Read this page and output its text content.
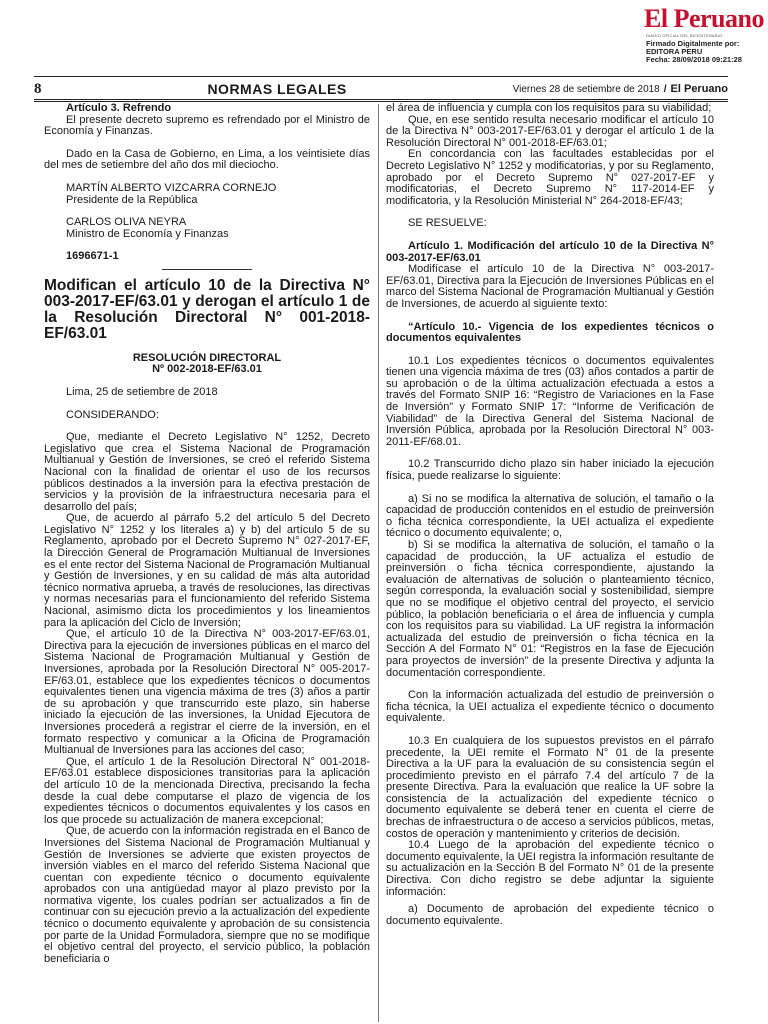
El Peruano
DIARIO OFICIAL DEL BICENTENARIO
Firmado Digitalmente por:
EDITORA PERU
Fecha: 28/09/2018 09:21:28
8	NORMAS LEGALES	Viernes 28 de setiembre de 2018 / El Peruano

Artículo 3. Refrendo

El presente decreto supremo es refrendado por el Ministro de Economía y Finanzas.

Dado en la Casa de Gobierno, en Lima, a los veintisiete días del mes de setiembre del año dos mil dieciocho.

MARTÍN ALBERTO VIZCARRA CORNEJO

Presidente de la República

CARLOS OLIVA NEYRA

Ministro de Economía y Finanzas

1696671-1

Modifican el artículo 10 de la Directiva N° 003-2017-EF/63.01 y derogan el artículo 1 de la Resolución Directoral N° 001-2018-EF/63.01

RESOLUCIÓN DIRECTORAL

Nº 002-2018-EF/63.01

Lima, 25 de setiembre de 2018

CONSIDERANDO:

Que, mediante el Decreto Legislativo N° 1252, Decreto Legislativo que crea el Sistema Nacional de Programación Multianual y Gestión de Inversiones, se creó el referido Sistema Nacional con la finalidad de orientar el uso de los recursos públicos destinados a la inversión para la efectiva prestación de servicios y la provisión de la infraestructura necesaria para el desarrollo del país;

Que, de acuerdo al párrafo 5.2 del artículo 5 del Decreto Legislativo N° 1252 y los literales a) y b) del artículo 5 de su Reglamento, aprobado por el Decreto Supremo N° 027-2017-EF, la Dirección General de Programación Multianual de Inversiones es el ente rector del Sistema Nacional de Programación Multianual y Gestión de Inversiones, y en su calidad de más alta autoridad técnico normativa aprueba, a través de resoluciones, las directivas y normas necesarias para el funcionamiento del referido Sistema Nacional, asimismo dicta los procedimientos y los lineamientos para la aplicación del Ciclo de Inversión;

Que, el artículo 10 de la Directiva N° 003-2017-EF/63.01, Directiva para la ejecución de inversiones públicas en el marco del Sistema Nacional de Programación Multianual y Gestión de Inversiones, aprobada por la Resolución Directoral N° 005-2017-EF/63.01, establece que los expedientes técnicos o documentos equivalentes tienen una vigencia máxima de tres (3) años a partir de su aprobación y que transcurrido este plazo, sin haberse iniciado la ejecución de las inversiones, la Unidad Ejecutora de Inversiones procederá a registrar el cierre de la inversión, en el formato respectivo y comunicar a la Oficina de Programación Multianual de Inversiones para las acciones del caso;

Que, el artículo 1 de la Resolución Directoral N° 001-2018-EF/63.01 establece disposiciones transitorias para la aplicación del artículo 10 de la mencionada Directiva, precisando la fecha desde la cual debe computarse el plazo de vigencia de los expedientes técnicos o documentos equivalentes y los casos en los que procede su actualización de manera excepcional;

Que, de acuerdo con la información registrada en el Banco de Inversiones del Sistema Nacional de Programación Multianual y Gestión de Inversiones se advierte que existen proyectos de inversión viables en el marco del referido Sistema Nacional que cuentan con expediente técnico o documento equivalente aprobados con una antigüedad mayor al plazo previsto por la normativa vigente, los cuales podrían ser actualizados a fin de continuar con su ejecución previo a la actualización del expediente técnico o documento equivalente y aprobación de su consistencia por parte de la Unidad Formuladora, siempre que no se modifique el objetivo central del proyecto, el servicio público, la población beneficiaria o

el área de influencia y cumpla con los requisitos para su viabilidad;

Que, en ese sentido resulta necesario modificar el artículo 10 de la Directiva N° 003-2017-EF/63.01 y derogar el artículo 1 de la Resolución Directoral N° 001-2018-EF/63.01;

En concordancia con las facultades establecidas por el Decreto Legislativo N° 1252 y modificatorias, y por su Reglamento, aprobado por el Decreto Supremo N° 027-2017-EF y modificatorias, el Decreto Supremo N° 117-2014-EF y modificatoria, y la Resolución Ministerial N° 264-2018-EF/43;

SE RESUELVE:

Artículo 1. Modificación del artículo 10 de la Directiva N° 003-2017-EF/63.01

Modifícase el artículo 10 de la Directiva N° 003-2017-EF/63.01, Directiva para la Ejecución de Inversiones Públicas en el marco del Sistema Nacional de Programación Multianual y Gestión de Inversiones, de acuerdo al siguiente texto:

“Artículo 10.- Vigencia de los expedientes técnicos o documentos equivalentes

10.1 Los expedientes técnicos o documentos equivalentes tienen una vigencia máxima de tres (03) años contados a partir de su aprobación o de la última actualización efectuada a estos a través del Formato SNIP 16: “Registro de Variaciones en la Fase de Inversión” y Formato SNIP 17: “Informe de Verificación de Viabilidad” de la Directiva General del Sistema Nacional de Inversión Pública, aprobada por la Resolución Directoral N° 003-2011-EF/68.01.

10.2 Transcurrido dicho plazo sin haber iniciado la ejecución física, puede realizarse lo siguiente:

a) Si no se modifica la alternativa de solución, el tamaño o la capacidad de producción contenidos en el estudio de preinversión o ficha técnica correspondiente, la UEI actualiza el expediente técnico o documento equivalente; o,

b) Si se modifica la alternativa de solución, el tamaño o la capacidad de producción, la UF actualiza el estudio de preinversión o ficha técnica correspondiente, ajustando la evaluación de alternativas de solución o planteamiento técnico, según corresponda, la evaluación social y sostenibilidad, siempre que no se modifique el objetivo central del proyecto, el servicio público, la población beneficiaria o el área de influencia y cumpla con los requisitos para su viabilidad. La UF registra la información actualizada del estudio de preinversión o ficha técnica en la Sección A del Formato N° 01: “Registros en la fase de Ejecución para proyectos de inversión” de la presente Directiva y adjunta la documentación correspondiente.

Con la información actualizada del estudio de preinversión o ficha técnica, la UEI actualiza el expediente técnico o documento equivalente.

10.3 En cualquiera de los supuestos previstos en el párrafo precedente, la UEI remite el Formato N° 01 de la presente Directiva a la UF para la evaluación de su consistencia según el procedimiento previsto en el párrafo 7.4 del artículo 7 de la presente Directiva. Para la evaluación que realice la UF sobre la consistencia de la actualización del expediente técnico o documento equivalente se deberá tener en cuenta el cierre de brechas de infraestructura o de acceso a servicios públicos, metas, costos de operación y mantenimiento y criterios de decisión.

10.4 Luego de la aprobación del expediente técnico o documento equivalente, la UEI registra la información resultante de su actualización en la Sección B del Formato N° 01 de la presente Directiva. Con dicho registro se debe adjuntar la siguiente información:

a) Documento de aprobación del expediente técnico o documento equivalente.
